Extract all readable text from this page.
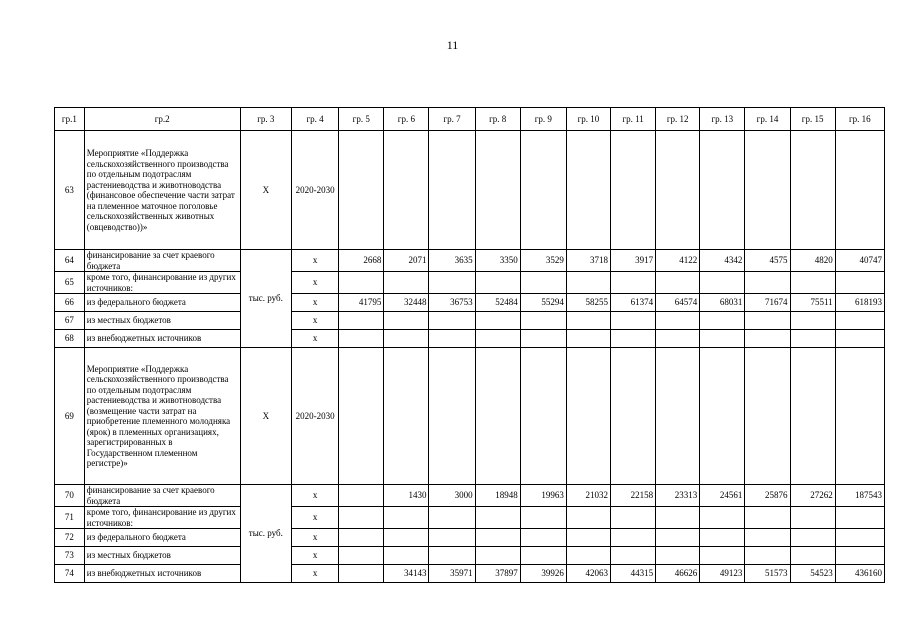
11
гр.1	гр.2	гр. 3	гр. 4	гр. 5	гр. 6	гр. 7	гр. 8	гр. 9	гр. 10	гр. 11	гр. 12	гр. 13	гр. 14	гр. 15	гр. 16
63	Мероприятие «Поддержка сельскохозяйственного производства по отдельным подотраслям растениеводства и животноводства (финансовое обеспечение части затрат на племенное маточное поголовье сельскохозяйственных животных (овцеводство))»	Х	2020-2030												
64	финансирование за счет краевого бюджета	тыс. руб.	х	2668	2071	3635	3350	3529	3718	3917	4122	4342	4575	4820	40747
65	кроме того, финансирование из других источников:		х												
66	из федерального бюджета		х	41795	32448	36753	52484	55294	58255	61374	64574	68031	71674	75511	618193
67	из местных бюджетов		х												
68	из внебюджетных источников		х												
69	Мероприятие «Поддержка сельскохозяйственного производства по отдельным подотраслям растениеводства и животноводства (возмещение части затрат на приобретение племенного молодняка (ярок) в племенных организациях, зарегистрированных в Государственном племенном регистре)»	Х	2020-2030												
70	финансирование за счет краевого бюджета	тыс. руб.	х		1430	3000	18948	19963	21032	22158	23313	24561	25876	27262	187543
71	кроме того, финансирование из других источников:		х												
72	из федерального бюджета		х												
73	из местных бюджетов		х												
74	из внебюджетных источников		х		34143	35971	37897	39926	42063	44315	46626	49123	51573	54523	436160
